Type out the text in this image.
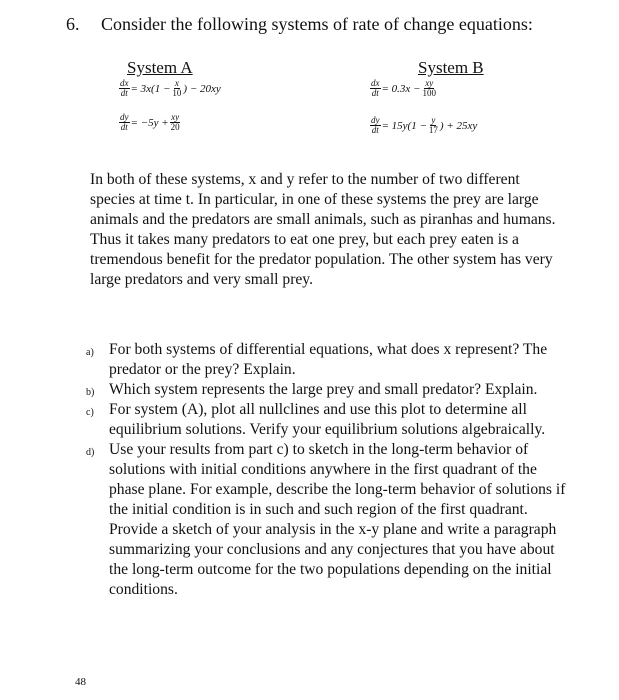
6. Consider the following systems of rate of change equations:
System A	System B
$\frac{dx}{dt} = 3x(1 - \frac{x}{10}$ ) − 20xy
$\frac{dy}{dt} = -5y + \frac{xy}{20}$
$\frac{dx}{dt} = 0.3x - \frac{xy}{100}$
$\frac{dy}{dt} = 15y(1 - \frac{y}{17}$ ) + 25xy
In both of these systems, x and y refer to the number of two different species at time t. In particular, in one of these systems the prey are large animals and the predators are small animals, such as piranhas and humans. Thus it takes many predators to eat one prey, but each prey eaten is a tremendous benefit for the predator population. The other system has very large predators and very small prey.
a) For both systems of differential equations, what does x represent? The predator or the prey? Explain.
b) Which system represents the large prey and small predator? Explain.
c) For system (A), plot all nullclines and use this plot to determine all equilibrium solutions. Verify your equilibrium solutions algebraically.
d) Use your results from part c) to sketch in the long-term behavior of solutions with initial conditions anywhere in the first quadrant of the phase plane. For example, describe the long-term behavior of solutions if the initial condition is in such and such region of the first quadrant. Provide a sketch of your analysis in the x-y plane and write a paragraph summarizing your conclusions and any conjectures that you have about the long-term outcome for the two populations depending on the initial conditions.
48
